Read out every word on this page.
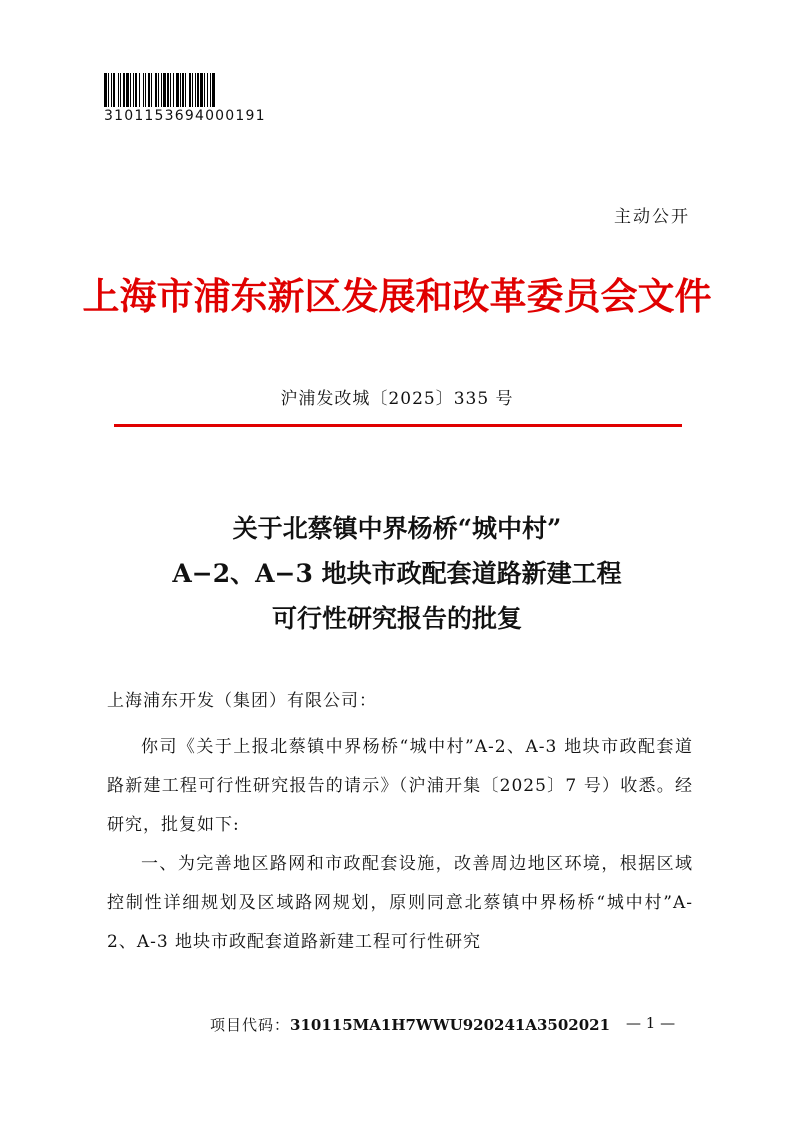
3101153694000191
主动公开
上海市浦东新区发展和改革委员会文件
沪浦发改城〔2025〕335 号
关于北蔡镇中界杨桥“城中村”
A−2、A−3 地块市政配套道路新建工程
可行性研究报告的批复
上海浦东开发（集团）有限公司：

你司《关于上报北蔡镇中界杨桥“城中村”A-2、A-3 地块市政配套道路新建工程可行性研究报告的请示》（沪浦开集〔2025〕7 号）收悉。经研究，批复如下:

一、为完善地区路网和市政配套设施，改善周边地区环境，根据区域控制性详细规划及区域路网规划，原则同意北蔡镇中界杨桥“城中村”A-2、A-3 地块市政配套道路新建工程可行性研究

项目代码：310115MA1H7WWU920241A3502021 — 1 —
